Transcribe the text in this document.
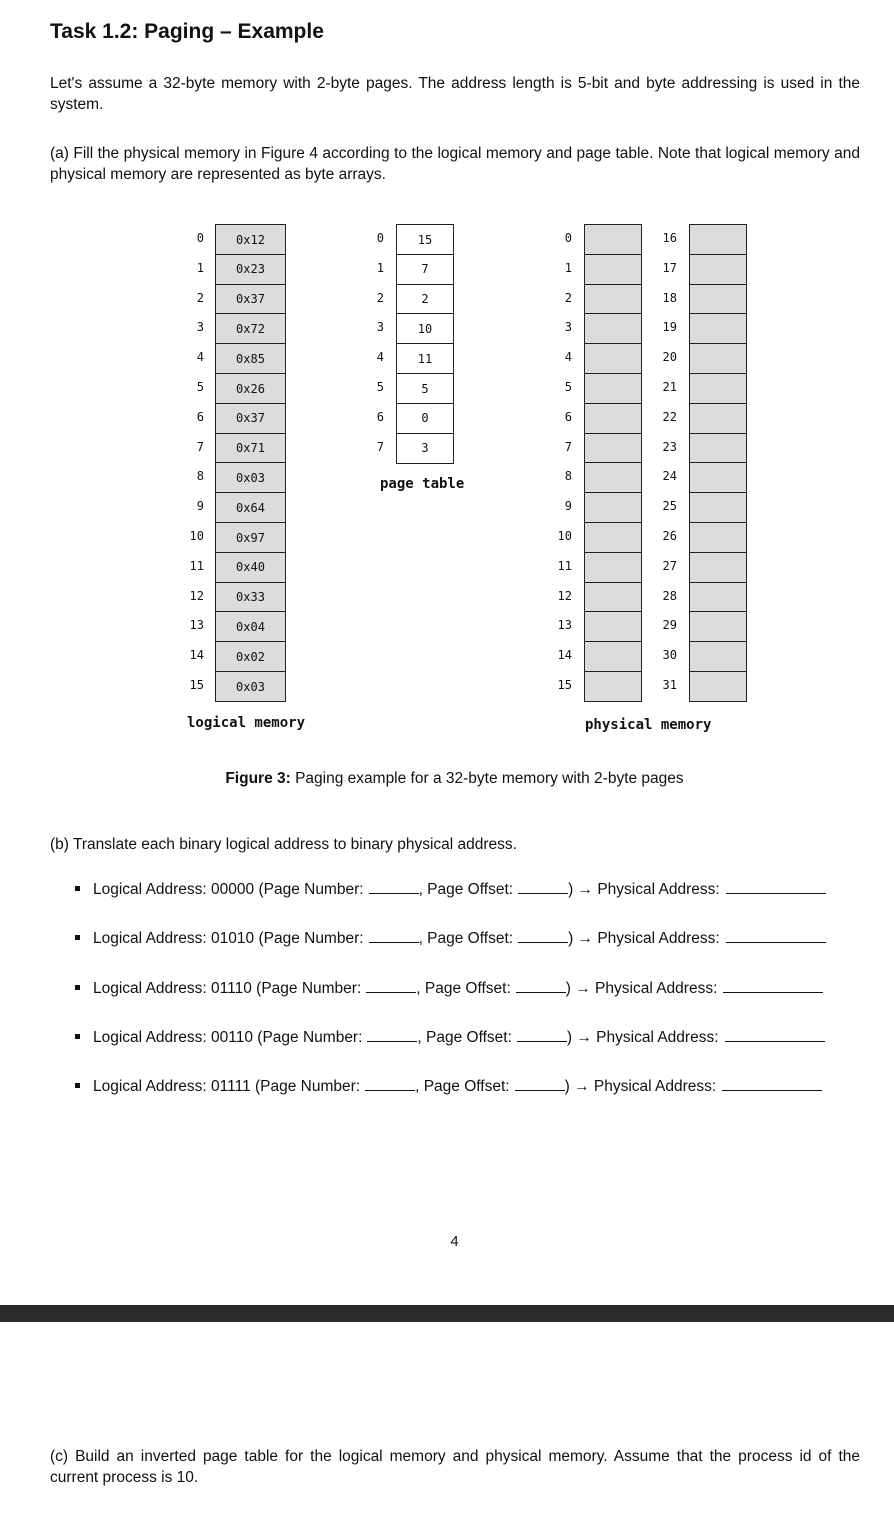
Task 1.2: Paging – Example
Let's assume a 32-byte memory with 2-byte pages. The address length is 5-bit and byte addressing is used in the system.
(a) Fill the physical memory in Figure 4 according to the logical memory and page table. Note that logical memory and physical memory are represented as byte arrays.
0	0x12
1	0x23
2	0x37
3	0x72
4	0x85
5	0x26
6	0x37
7	0x71
8	0x03
9	0x64
10	0x97
11	0x40
12	0x33
13	0x04
14	0x02
15	0x03
0	15
1	7
2	2
3	10
4	11
5	5
6	0
7	3
0
1
2
3
4
5
6
7
8
9
10
11
12
13
14
15
16
17
18
19
20
21
22
23
24
25
26
27
28
29
30
31
logical memory
page table
physical memory
Figure 3: Paging example for a 32-byte memory with 2-byte pages
(b) Translate each binary logical address to binary physical address.
Logical Address: 00000 (Page Number:	, Page Offset:	) → Physical Address:
Logical Address: 01010 (Page Number:	, Page Offset:	) → Physical Address:
Logical Address: 01110 (Page Number:	, Page Offset:	) → Physical Address:
Logical Address: 00110 (Page Number:	, Page Offset:	) → Physical Address:
Logical Address: 01111 (Page Number:	, Page Offset:	) → Physical Address:
4
(c) Build an inverted page table for the logical memory and physical memory. Assume that the process id of the current process is 10.
